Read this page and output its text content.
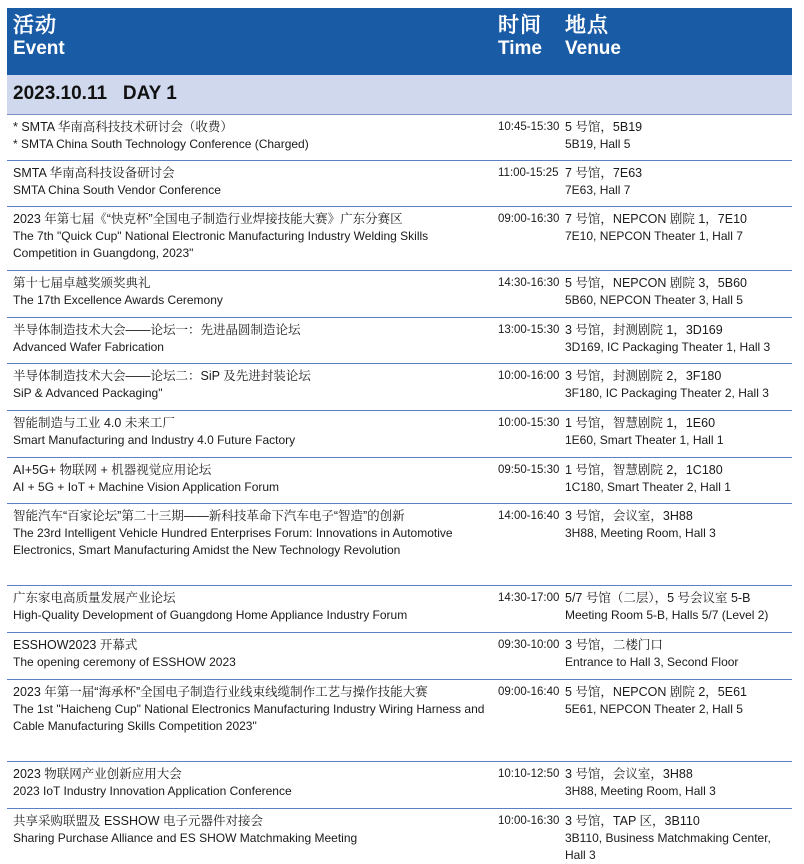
活动
Event
时间
Time
地点
Venue
2023.10.11   DAY 1
* SMTA 华南高科技技术研讨会（收费）
* SMTA China South Technology Conference (Charged)
10:45-15:30 5 号馆，5B19
5B19, Hall 5
SMTA 华南高科技设备研讨会
SMTA China South Vendor Conference
11:00-15:25 7 号馆，7E63
7E63, Hall 7
2023 年第七届《“快克杯”全国电子制造行业焊接技能大赛》广东分赛区
The 7th "Quick Cup" National Electronic Manufacturing Industry Welding Skills Competition in Guangdong, 2023"
09:00-16:30 7 号馆，NEPCON 剧院 1，7E10
7E10, NEPCON Theater 1, Hall 7
第十七届卓越奖颁奖典礼
The 17th Excellence Awards Ceremony
14:30-16:30 5 号馆，NEPCON 剧院 3，5B60
5B60, NEPCON Theater 3, Hall 5
半导体制造技术大会——论坛一：先进晶圆制造论坛
Advanced Wafer Fabrication
13:00-15:30 3 号馆，封测剧院 1，3D169
3D169, IC Packaging Theater 1, Hall 3
半导体制造技术大会——论坛二：SiP 及先进封装论坛
SiP & Advanced Packaging"
10:00-16:00 3 号馆，封测剧院 2，3F180
3F180, IC Packaging Theater 2, Hall 3
智能制造与工业 4.0 未来工厂
Smart Manufacturing and Industry 4.0 Future Factory
10:00-15:30 1 号馆，智慧剧院 1，1E60
1E60, Smart Theater 1, Hall 1
AI+5G+ 物联网 + 机器视觉应用论坛
AI + 5G + IoT + Machine Vision Application Forum
09:50-15:30 1 号馆，智慧剧院 2，1C180
1C180, Smart Theater 2, Hall 1
智能汽车“百家论坛”第二十三期——新科技革命下汽车电子“智造”的创新
The 23rd Intelligent Vehicle Hundred Enterprises Forum: Innovations in Automotive Electronics, Smart Manufacturing Amidst the New Technology Revolution
14:00-16:40 3 号馆，会议室，3H88
3H88, Meeting Room, Hall 3
广东家电高质量发展产业论坛
High-Quality Development of Guangdong Home Appliance Industry Forum
14:30-17:00 5/7 号馆（二层），5 号会议室 5-B
Meeting Room 5-B, Halls 5/7 (Level 2)
ESSHOW2023 开幕式
The opening ceremony of ESSHOW 2023
09:30-10:00 3 号馆，二楼门口
Entrance to Hall 3, Second Floor
2023 年第一届“海承杯”全国电子制造行业线束线缆制作工艺与操作技能大赛
The 1st "Haicheng Cup" National Electronics Manufacturing Industry Wiring Harness and Cable Manufacturing Skills Competition 2023"
09:00-16:40 5 号馆，NEPCON 剧院 2，5E61
5E61, NEPCON Theater 2, Hall 5
2023 物联网产业创新应用大会
2023 IoT Industry Innovation Application Conference
10:10-12:50 3 号馆，会议室，3H88
3H88, Meeting Room, Hall 3
共享采购联盟及 ESSHOW 电子元器件对接会
Sharing Purchase Alliance and ES SHOW Matchmaking Meeting
10:00-16:30 3 号馆，TAP 区，3B110
3B110, Business Matchmaking Center, Hall 3
